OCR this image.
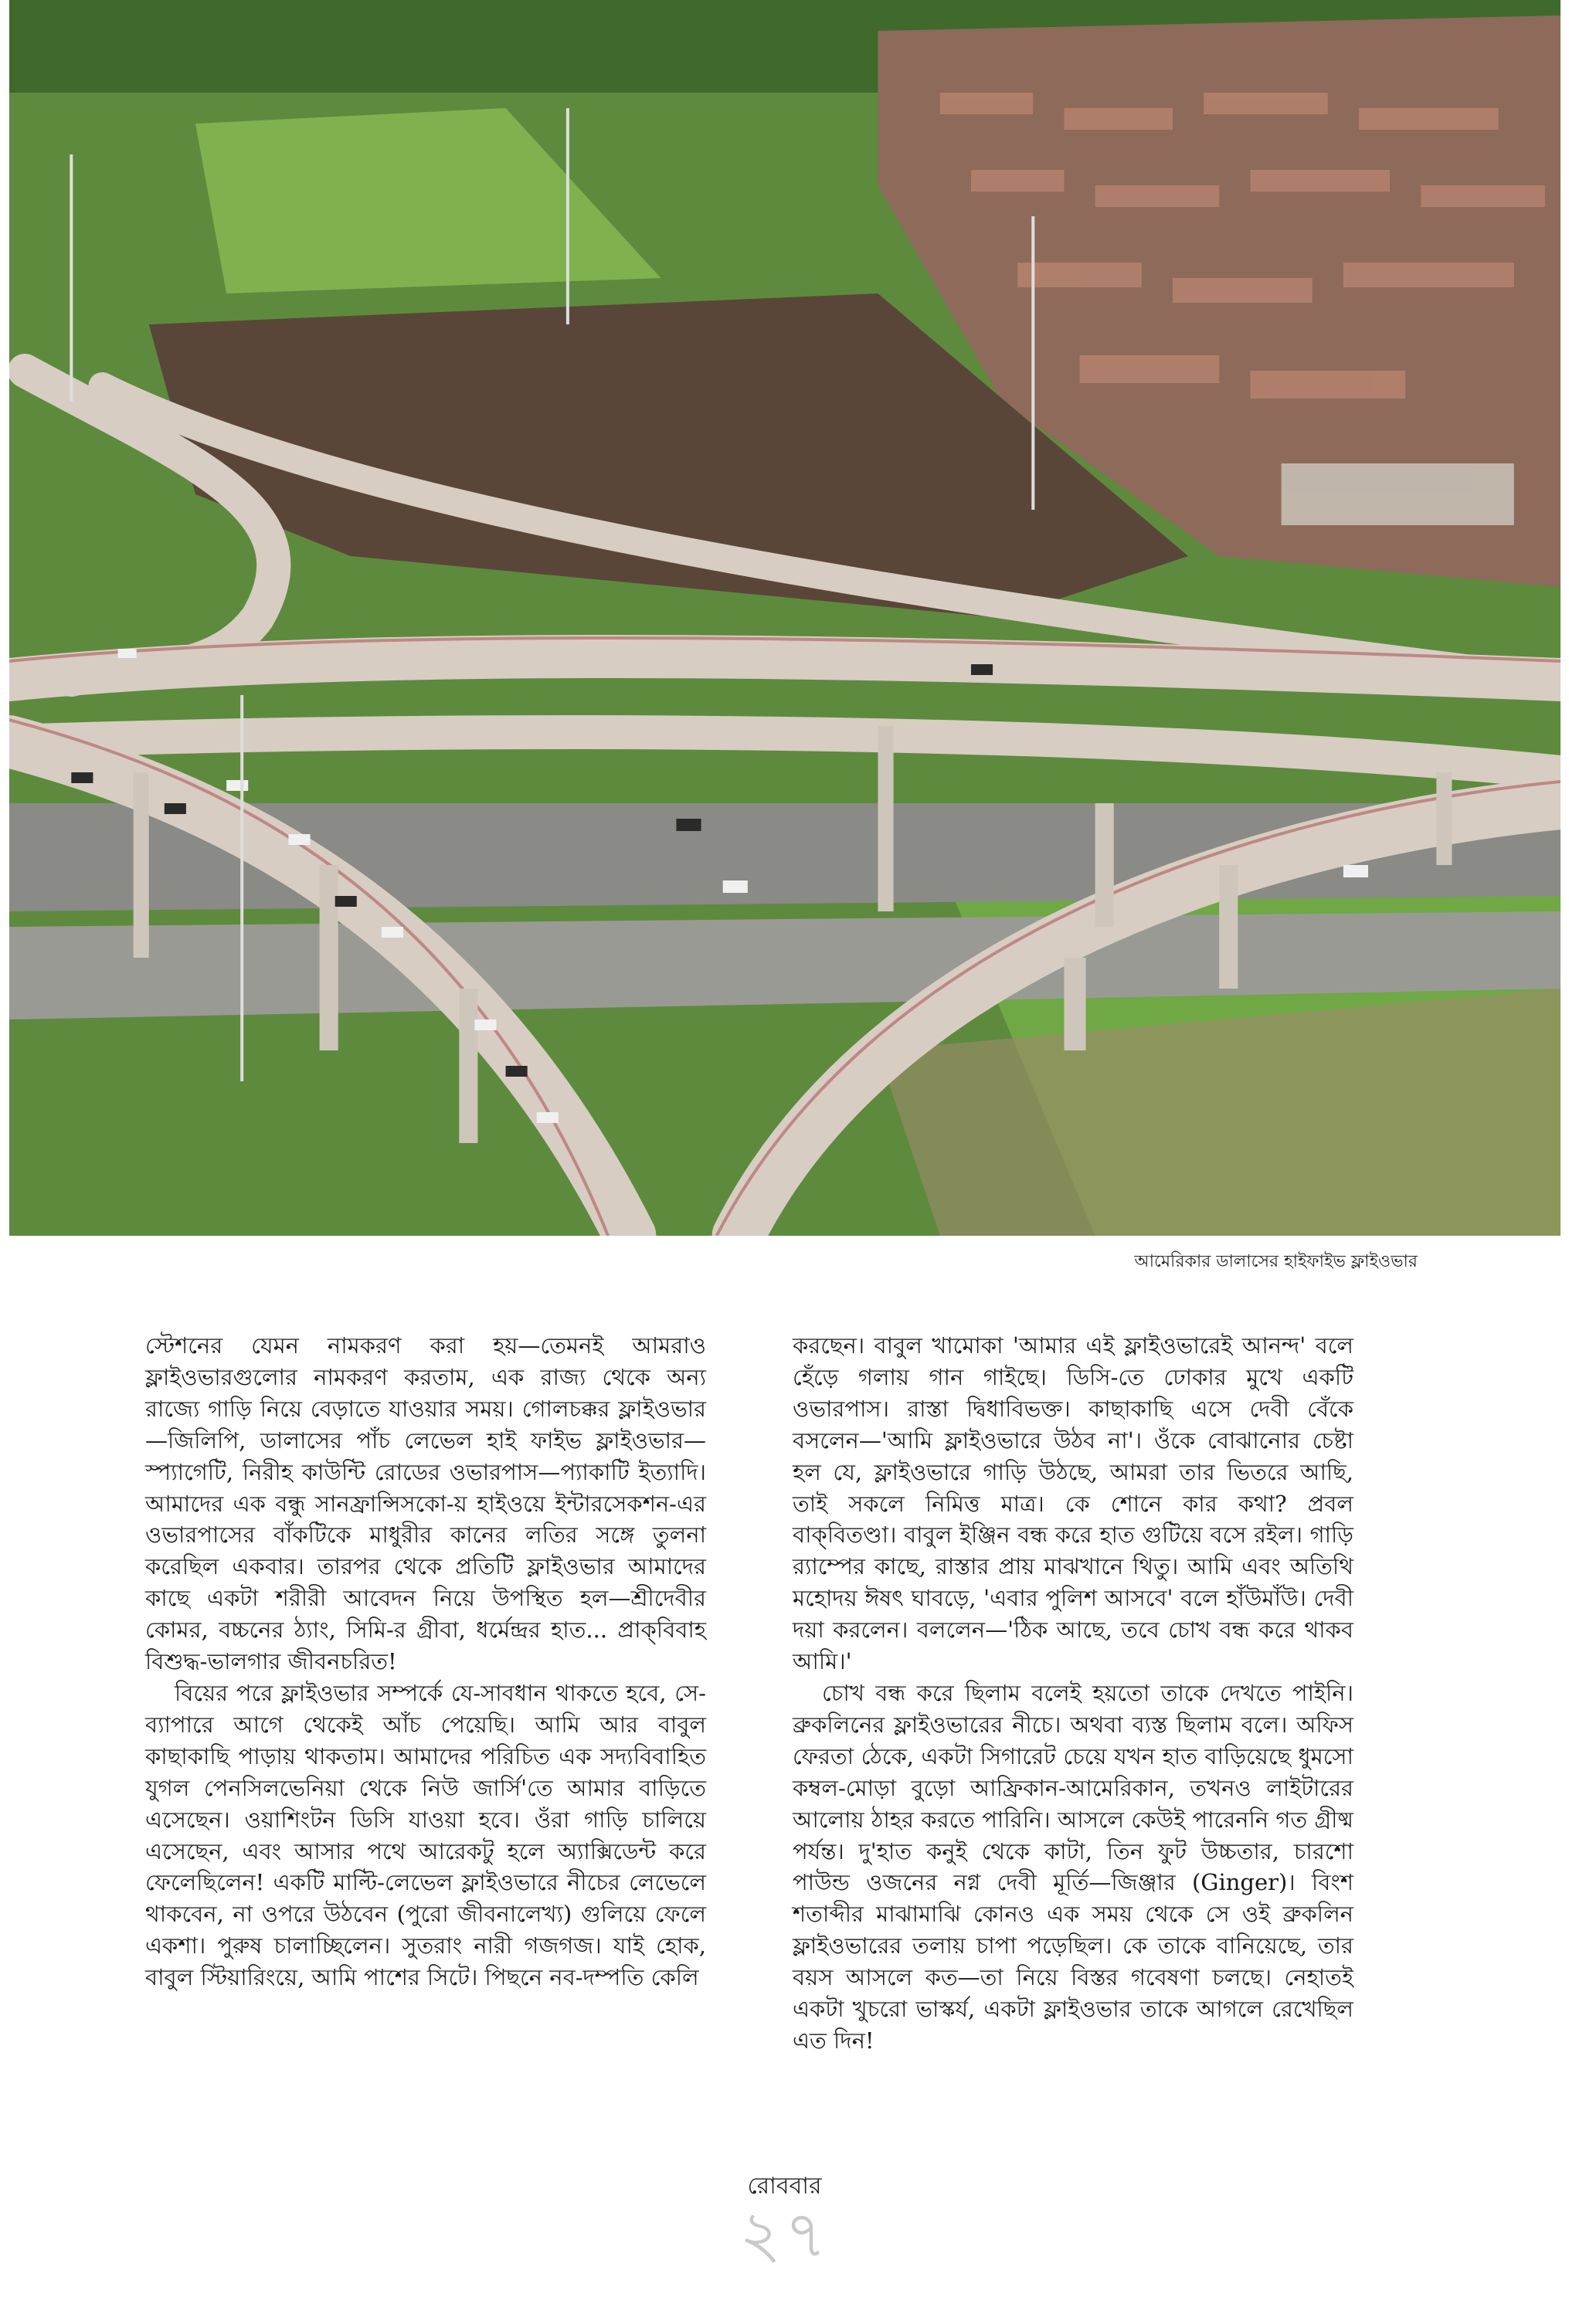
আমেরিকার ডালাসের হাইফাইভ ফ্লাইওভার

স্টেশনের যেমন নামকরণ করা হয়—তেমনই আমরাও ফ্লাইওভারগুলোর নামকরণ করতাম, এক রাজ্য থেকে অন্য রাজ্যে গাড়ি নিয়ে বেড়াতে যাওয়ার সময়। গোলচক্কর ফ্লাইওভার—জিলিপি, ডালাসের পাঁচ লেভেল হাই ফাইভ ফ্লাইওভার—স্প্যাগেটি, নিরীহ কাউন্টি রোডের ওভারপাস—প্যাকাটি ইত্যাদি। আমাদের এক বন্ধু সানফ্রান্সিসকো-য় হাইওয়ে ইন্টারসেকশন-এর ওভারপাসের বাঁকটিকে মাধুরীর কানের লতির সঙ্গে তুলনা করেছিল একবার। তারপর থেকে প্রতিটি ফ্লাইওভার আমাদের কাছে একটা শরীরী আবেদন নিয়ে উপস্থিত হল—শ্রীদেবীর কোমর, বচ্চনের ঠ্যাং, সিমি-র গ্রীবা, ধর্মেন্দ্রর হাত... প্রাক্‌বিবাহ বিশুদ্ধ-ভালগার জীবনচরিত!

বিয়ের পরে ফ্লাইওভার সম্পর্কে যে-সাবধান থাকতে হবে, সে-ব্যাপারে আগে থেকেই আঁচ পেয়েছি। আমি আর বাবুল কাছাকাছি পাড়ায় থাকতাম। আমাদের পরিচিত এক সদ্যবিবাহিত যুগল পেনসিলভেনিয়া থেকে নিউ জার্সি'তে আমার বাড়িতে এসেছেন। ওয়াশিংটন ডিসি যাওয়া হবে। ওঁরা গাড়ি চালিয়ে এসেছেন, এবং আসার পথে আরেকটু হলে অ্যাক্সিডেন্ট করে ফেলেছিলেন! একটি মাল্টি-লেভেল ফ্লাইওভারে নীচের লেভেলে থাকবেন, না ওপরে উঠবেন (পুরো জীবনালেখ্য) গুলিয়ে ফেলে একশা। পুরুষ চালাচ্ছিলেন। সুতরাং নারী গজগজ। যাই হোক, বাবুল স্টিয়ারিংয়ে, আমি পাশের সিটে। পিছনে নব-দম্পতি কেলি

করছেন। বাবুল খামোকা 'আমার এই ফ্লাইওভারেই আনন্দ' বলে হেঁড়ে গলায় গান গাইছে। ডিসি-তে ঢোকার মুখে একটি ওভারপাস। রাস্তা দ্বিধাবিভক্ত। কাছাকাছি এসে দেবী বেঁকে বসলেন—'আমি ফ্লাইওভারে উঠব না'। ওঁকে বোঝানোর চেষ্টা হল যে, ফ্লাইওভারে গাড়ি উঠছে, আমরা তার ভিতরে আছি, তাই সকলে নিমিত্ত মাত্র। কে শোনে কার কথা? প্রবল বাক্‌বিতণ্ডা। বাবুল ইঞ্জিন বন্ধ করে হাত গুটিয়ে বসে রইল। গাড়ি র‍্যাম্পের কাছে, রাস্তার প্রায় মাঝখানে থিতু। আমি এবং অতিথি মহোদয় ঈষৎ ঘাবড়ে, 'এবার পুলিশ আসবে' বলে হাঁউমাঁউ। দেবী দয়া করলেন। বললেন—'ঠিক আছে, তবে চোখ বন্ধ করে থাকব আমি।'

চোখ বন্ধ করে ছিলাম বলেই হয়তো তাকে দেখতে পাইনি। ব্রুকলিনের ফ্লাইওভারের নীচে। অথবা ব্যস্ত ছিলাম বলে। অফিস ফেরতা ঠেকে, একটা সিগারেট চেয়ে যখন হাত বাড়িয়েছে ধুমসো কম্বল-মোড়া বুড়ো আফ্রিকান-আমেরিকান, তখনও লাইটারের আলোয় ঠাহর করতে পারিনি। আসলে কেউই পারেননি গত গ্রীষ্ম পর্যন্ত। দু'হাত কনুই থেকে কাটা, তিন ফুট উচ্চতার, চারশো পাউন্ড ওজনের নগ্ন দেবী মূর্তি—জিঞ্জার (Ginger)। বিংশ শতাব্দীর মাঝামাঝি কোনও এক সময় থেকে সে ওই ব্রুকলিন ফ্লাইওভারের তলায় চাপা পড়েছিল। কে তাকে বানিয়েছে, তার বয়স আসলে কত—তা নিয়ে বিস্তর গবেষণা চলছে। নেহাতই একটা খুচরো ভাস্কর্য, একটা ফ্লাইওভার তাকে আগলে রেখেছিল এত দিন!

রোববার
২৭
